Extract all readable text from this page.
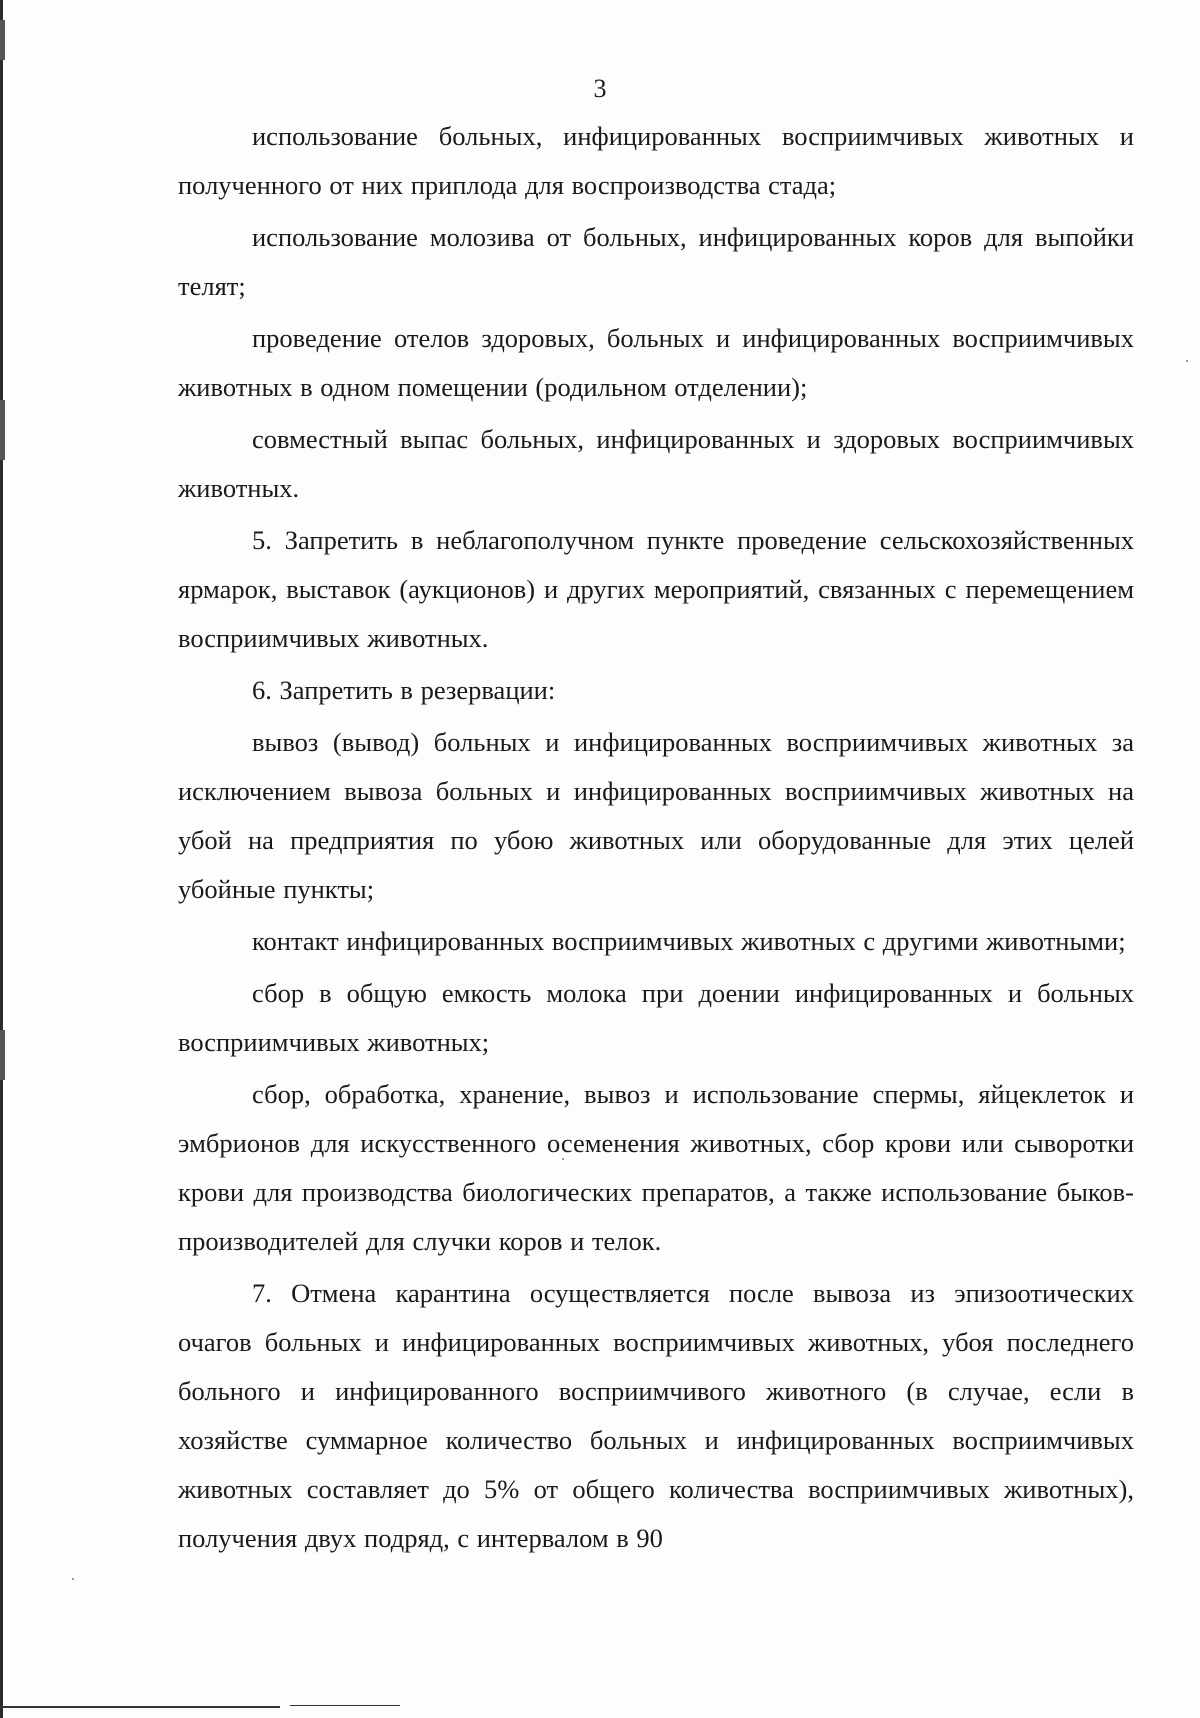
3

использование больных, инфицированных восприимчивых животных и полученного от них приплода для воспроизводства стада;

использование молозива от больных, инфицированных коров для выпойки телят;

проведение отелов здоровых, больных и инфицированных восприимчивых животных в одном помещении (родильном отделении);

совместный выпас больных, инфицированных и здоровых восприимчивых животных.

5. Запретить в неблагополучном пункте проведение сельскохозяйственных ярмарок, выставок (аукционов) и других мероприятий, связанных с перемещением восприимчивых животных.

6. Запретить в резервации:

вывоз (вывод) больных и инфицированных восприимчивых животных за исключением вывоза больных и инфицированных восприимчивых животных на убой на предприятия по убою животных или оборудованные для этих целей убойные пункты;

контакт инфицированных восприимчивых животных с другими животными;

сбор в общую емкость молока при доении инфицированных и больных восприимчивых животных;

сбор, обработка, хранение, вывоз и использование спермы, яйцеклеток и эмбрионов для искусственного осеменения животных, сбор крови или сыворотки крови для производства биологических препаратов, а также использование быков-производителей для случки коров и телок.

7. Отмена карантина осуществляется после вывоза из эпизоотических очагов больных и инфицированных восприимчивых животных, убоя последнего больного и инфицированного восприимчивого животного (в случае, если в хозяйстве суммарное количество больных и инфицированных восприимчивых животных составляет до 5% от общего количества восприимчивых животных), получения двух подряд, с интервалом в 90
